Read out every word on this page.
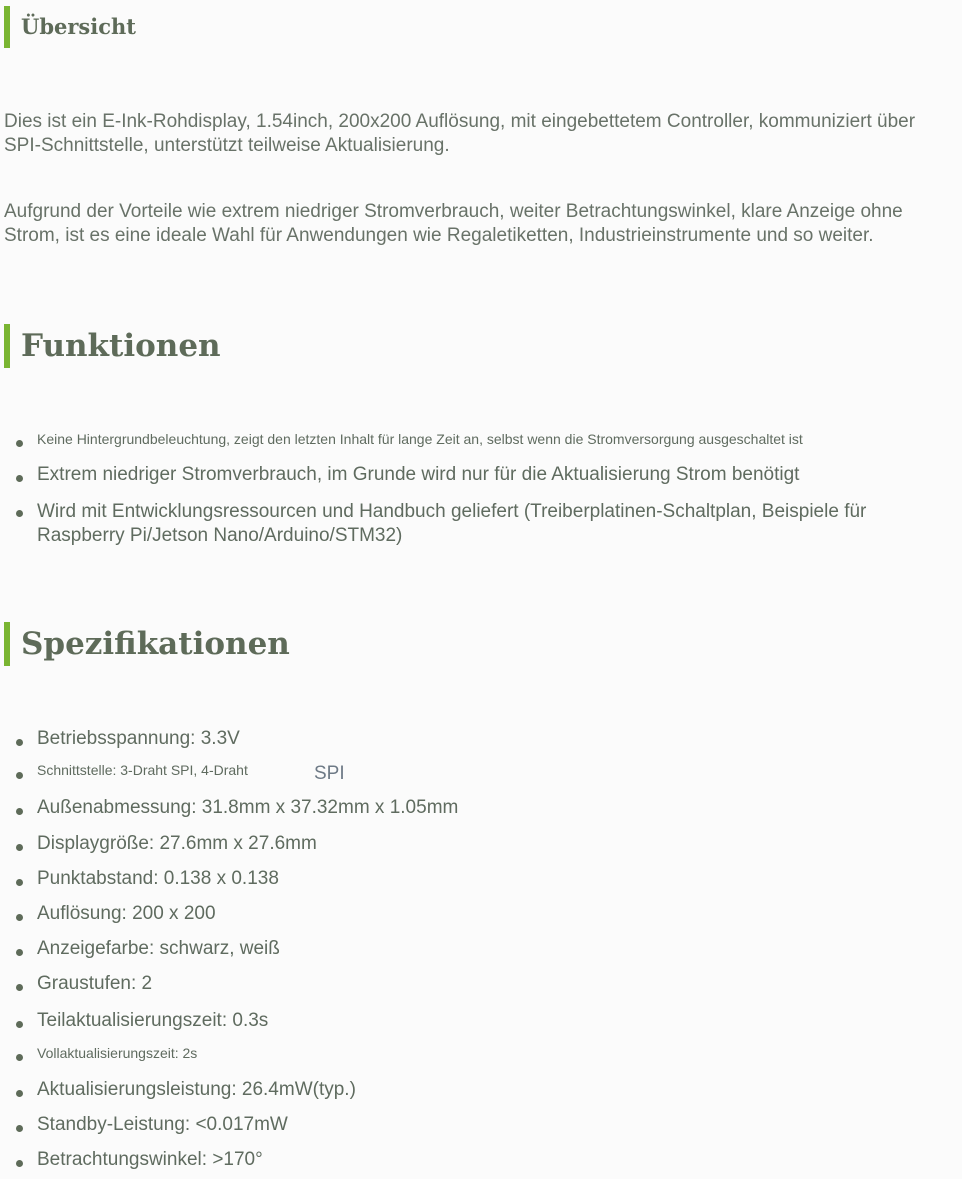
Übersicht

Dies ist ein E-Ink-Rohdisplay, 1.54inch, 200x200 Auflösung, mit eingebettetem Controller, kommuniziert über SPI-Schnittstelle, unterstützt teilweise Aktualisierung.

Aufgrund der Vorteile wie extrem niedriger Stromverbrauch, weiter Betrachtungswinkel, klare Anzeige ohne Strom, ist es eine ideale Wahl für Anwendungen wie Regaletiketten, Industrieinstrumente und so weiter.

Funktionen
Keine Hintergrundbeleuchtung, zeigt den letzten Inhalt für lange Zeit an, selbst wenn die Stromversorgung ausgeschaltet ist
Extrem niedriger Stromverbrauch, im Grunde wird nur für die Aktualisierung Strom benötigt
Wird mit Entwicklungsressourcen und Handbuch geliefert (Treiberplatinen-Schaltplan, Beispiele für Raspberry Pi/Jetson Nano/Arduino/STM32)
Spezifikationen
Betriebsspannung: 3.3V
Schnittstelle: 3-Draht SPI, 4-Draht	SPI
Außenabmessung: 31.8mm x 37.32mm x 1.05mm
Displaygröße: 27.6mm x 27.6mm
Punktabstand: 0.138 x 0.138
Auflösung: 200 x 200
Anzeigefarbe: schwarz, weiß
Graustufen: 2
Teilaktualisierungszeit: 0.3s
Vollaktualisierungszeit: 2s
Aktualisierungsleistung: 26.4mW(typ.)
Standby-Leistung: <0.017mW
Betrachtungswinkel: >170°
